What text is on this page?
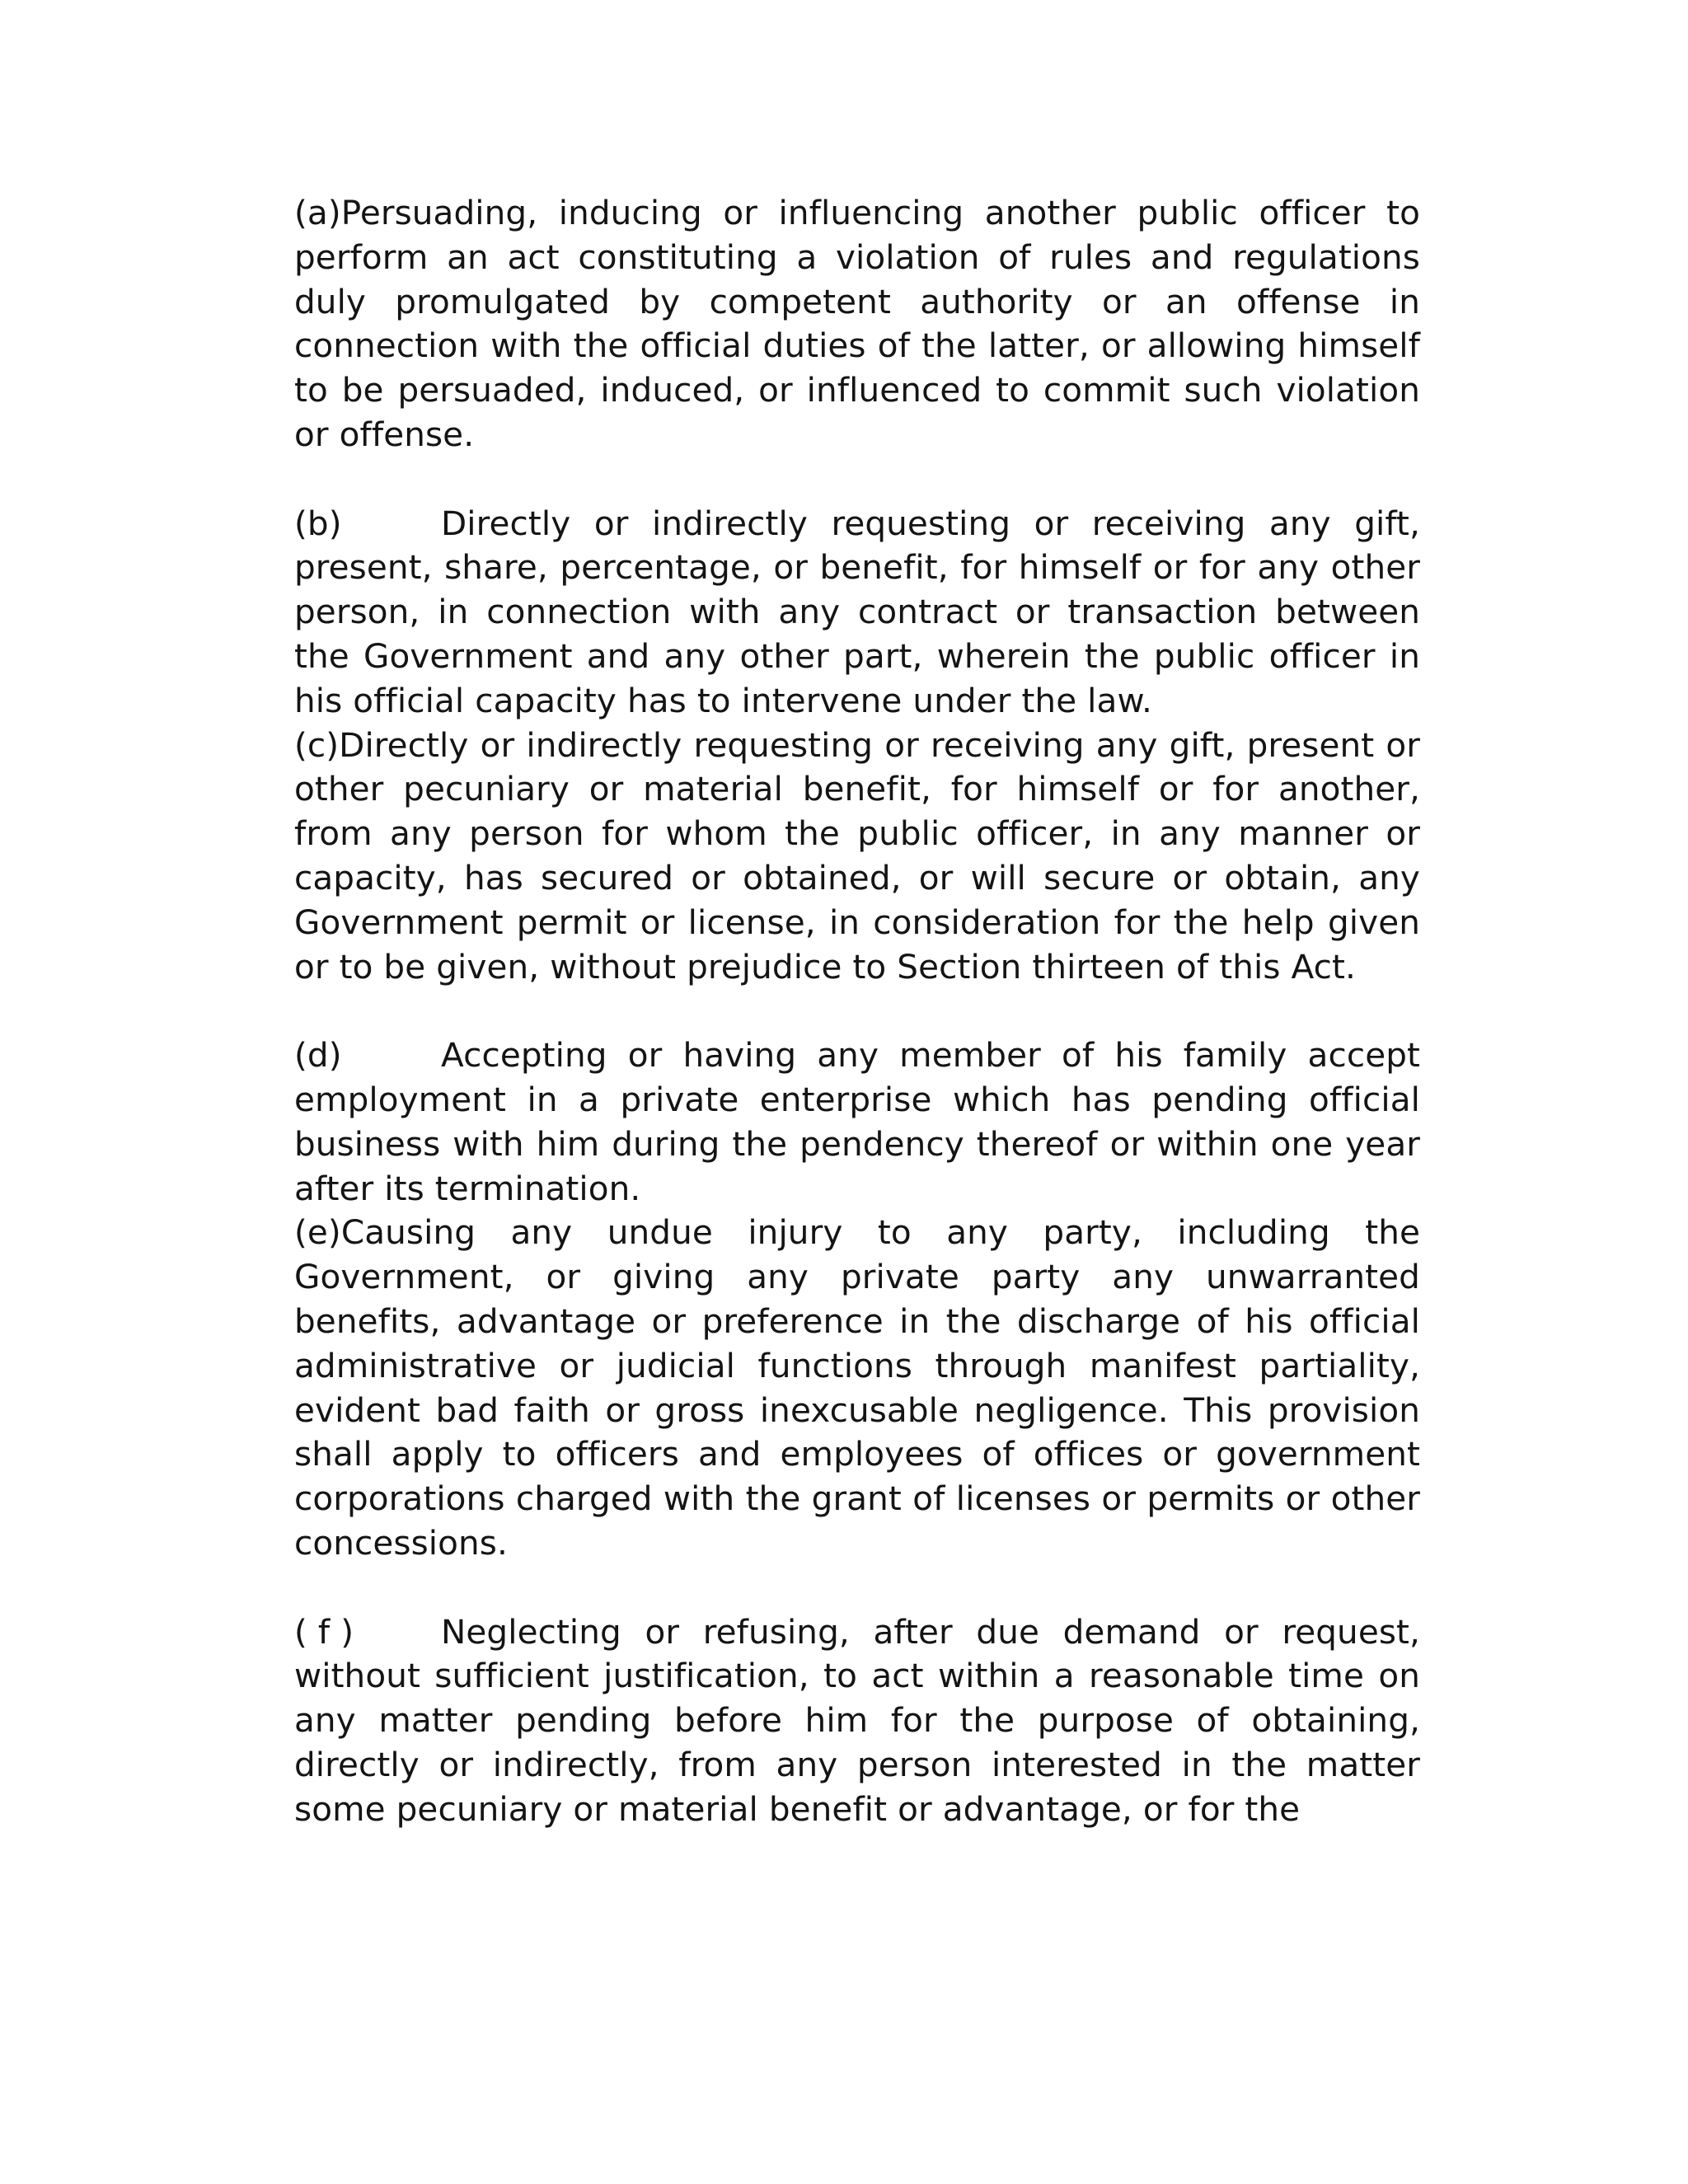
(a)Persuading, inducing or influencing another public officer to perform an act constituting a violation of rules and regulations duly promulgated by competent authority or an offense in connection with the official duties of the latter, or allowing himself to be persuaded, induced, or influenced to commit such violation or offense.

(b)	Directly or indirectly requesting or receiving any gift, present, share, percentage, or benefit, for himself or for any other person, in connection with any contract or transaction between the Government and any other part, wherein the public officer in his official capacity has to intervene under the law.

(c)Directly or indirectly requesting or receiving any gift, present or other pecuniary or material benefit, for himself or for another, from any person for whom the public officer, in any manner or capacity, has secured or obtained, or will secure or obtain, any Government permit or license, in consideration for the help given or to be given, without prejudice to Section thirteen of this Act.

(d)	Accepting or having any member of his family accept employment in a private enterprise which has pending official business with him during the pendency thereof or within one year after its termination.

(e)Causing any undue injury to any party, including the Government, or giving any private party any unwarranted benefits, advantage or preference in the discharge of his official administrative or judicial functions through manifest partiality, evident bad faith or gross inexcusable negligence. This provision shall apply to officers and employees of offices or government corporations charged with the grant of licenses or permits or other concessions.

( f )	Neglecting or refusing, after due demand or request, without sufficient justification, to act within a reasonable time on any matter pending before him for the purpose of obtaining, directly or indirectly, from any person interested in the matter some pecuniary or material benefit or advantage, or for the
